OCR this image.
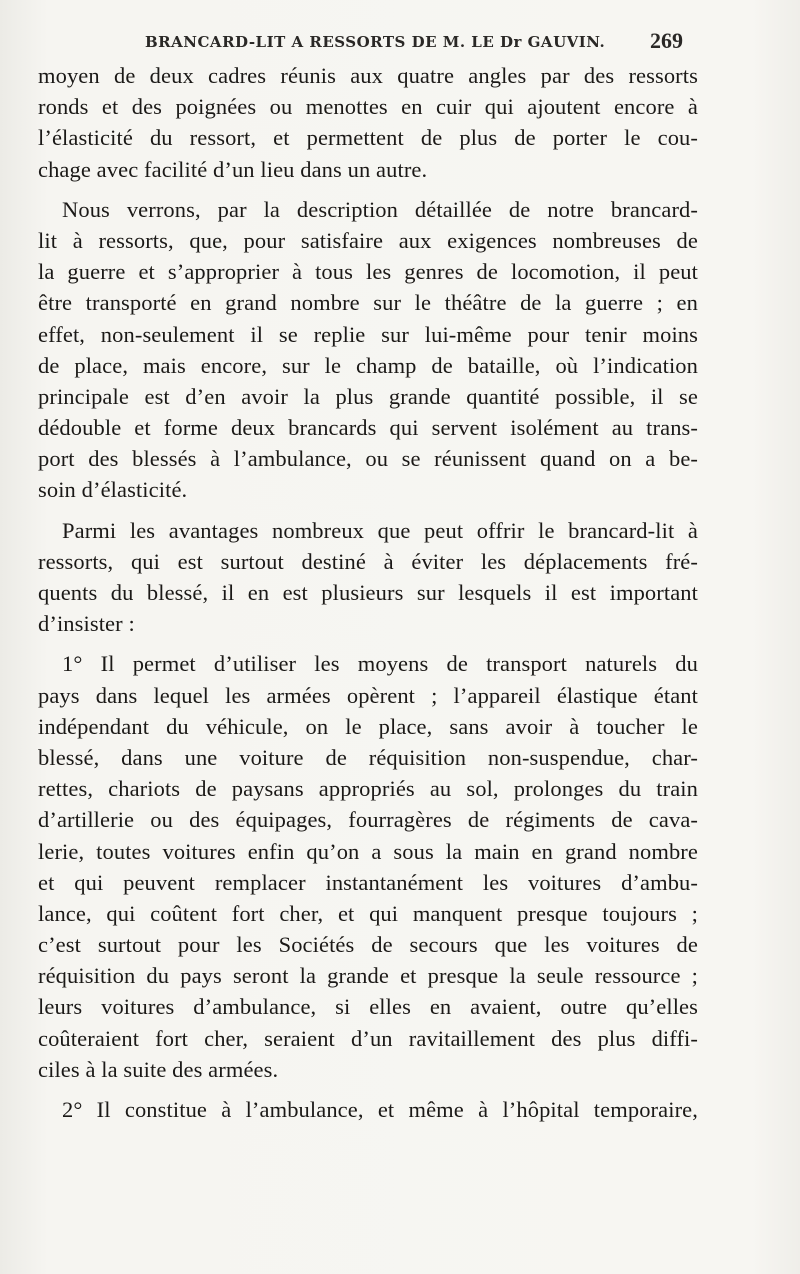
BRANCARD-LIT A RESSORTS DE M. LE Dr GAUVIN. 269
moyen de deux cadres réunis aux quatre angles par des ressorts
ronds et des poignées ou menottes en cuir qui ajoutent encore à
l’élasticité du ressort, et permettent de plus de porter le cou-
chage avec facilité d’un lieu dans un autre.
Nous verrons, par la description détaillée de notre brancard-
lit à ressorts, que, pour satisfaire aux exigences nombreuses de
la guerre et s’approprier à tous les genres de locomotion, il peut
être transporté en grand nombre sur le théâtre de la guerre ; en
effet, non-seulement il se replie sur lui-même pour tenir moins
de place, mais encore, sur le champ de bataille, où l’indication
principale est d’en avoir la plus grande quantité possible, il se
dédouble et forme deux brancards qui servent isolément au trans-
port des blessés à l’ambulance, ou se réunissent quand on a be-
soin d’élasticité.
Parmi les avantages nombreux que peut offrir le brancard-lit à
ressorts, qui est surtout destiné à éviter les déplacements fré-
quents du blessé, il en est plusieurs sur lesquels il est important
d’insister :
1° Il permet d’utiliser les moyens de transport naturels du
pays dans lequel les armées opèrent ; l’appareil élastique étant
indépendant du véhicule, on le place, sans avoir à toucher le
blessé, dans une voiture de réquisition non-suspendue, char-
rettes, chariots de paysans appropriés au sol, prolonges du train
d’artillerie ou des équipages, fourragères de régiments de cava-
lerie, toutes voitures enfin qu’on a sous la main en grand nombre
et qui peuvent remplacer instantanément les voitures d’ambu-
lance, qui coûtent fort cher, et qui manquent presque toujours ;
c’est surtout pour les Sociétés de secours que les voitures de
réquisition du pays seront la grande et presque la seule ressource ;
leurs voitures d’ambulance, si elles en avaient, outre qu’elles
coûteraient fort cher, seraient d’un ravitaillement des plus diffi-
ciles à la suite des armées.
2° Il constitue à l’ambulance, et même à l’hôpital temporaire,
